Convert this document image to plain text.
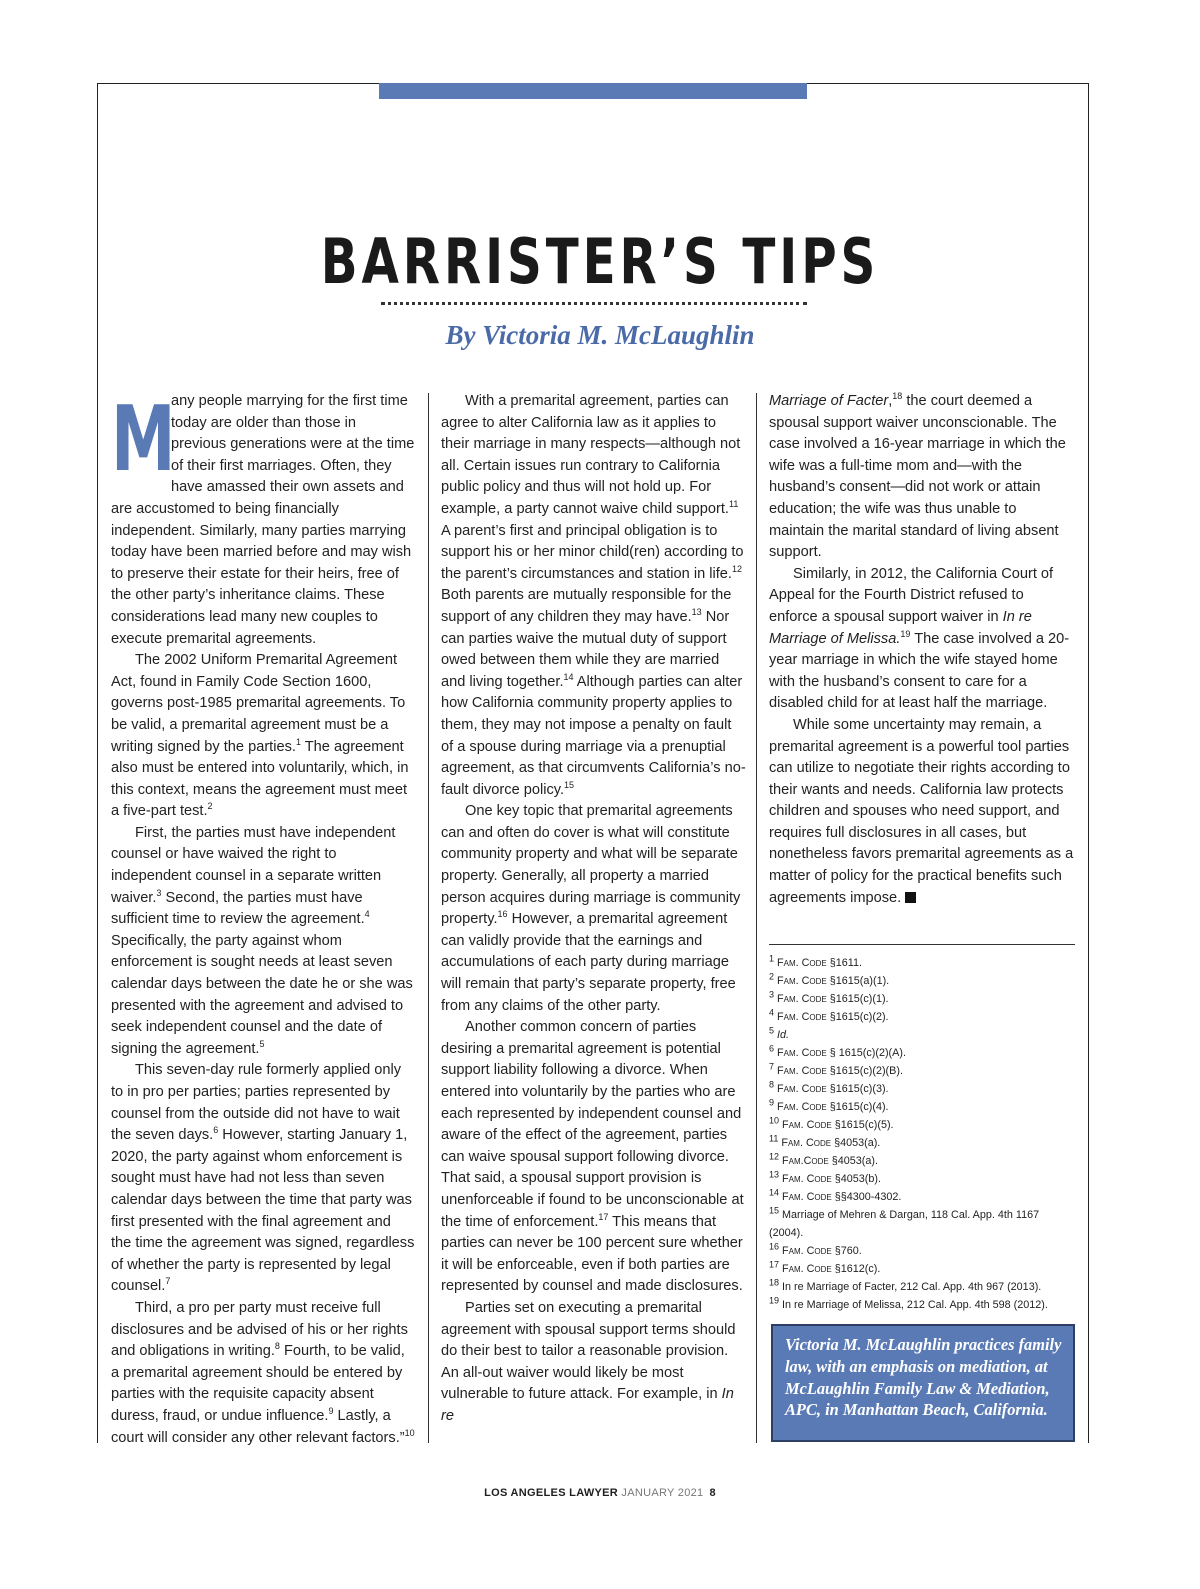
BARRISTER’S TIPS
By Victoria M. McLaughlin

M
any people marrying for the first time today are older than those in previous generations were at the time of their first marriages. Often, they have amassed their own assets and are accustomed to being financially independent. Similarly, many parties marrying today have been married before and may wish to preserve their estate for their heirs, free of the other party’s inheritance claims. These considerations lead many new couples to execute premarital agreements.

The 2002 Uniform Premarital Agreement Act, found in Family Code Section 1600, governs post-1985 premarital agreements. To be valid, a premarital agreement must be a writing signed by the parties.$^1$ The agreement also must be entered into voluntarily, which, in this context, means the agreement must meet a five-part test.$^2$

First, the parties must have independent counsel or have waived the right to independent counsel in a separate written waiver.$^3$ Second, the parties must have sufficient time to review the agreement.$^4$ Specifically, the party against whom enforcement is sought needs at least seven calendar days between the date he or she was presented with the agreement and advised to seek independent counsel and the date of signing the agreement.$^5$

This seven-day rule formerly applied only to in pro per parties; parties represented by counsel from the outside did not have to wait the seven days.$^6$ However, starting January 1, 2020, the party against whom enforcement is sought must have had not less than seven calendar days between the time that party was first presented with the final agreement and the time the agreement was signed, regardless of whether the party is represented by legal counsel.$^7$

Third, a pro per party must receive full disclosures and be advised of his or her rights and obligations in writing.$^8$ Fourth, to be valid, a premarital agreement should be entered by parties with the requisite capacity absent duress, fraud, or undue influence.$^9$ Lastly, a court will consider any other relevant factors.”$^{10}$

With a premarital agreement, parties can agree to alter California law as it applies to their marriage in many respects—although not all. Certain issues run contrary to California public policy and thus will not hold up. For example, a party cannot waive child support.$^{11}$ A parent’s first and principal obligation is to support his or her minor child(ren) according to the parent’s circumstances and station in life.$^{12}$ Both parents are mutually responsible for the support of any children they may have.$^{13}$ Nor can parties waive the mutual duty of support owed between them while they are married and living together.$^{14}$ Although parties can alter how California community property applies to them, they may not impose a penalty on fault of a spouse during marriage via a prenuptial agreement, as that circumvents California’s no-fault divorce policy.$^{15}$

One key topic that premarital agreements can and often do cover is what will constitute community property and what will be separate property. Generally, all property a married person acquires during marriage is community property.$^{16}$ However, a premarital agreement can validly provide that the earnings and accumulations of each party during marriage will remain that party’s separate property, free from any claims of the other party.

Another common concern of parties desiring a premarital agreement is potential support liability following a divorce. When entered into voluntarily by the parties who are each represented by independent counsel and aware of the effect of the agreement, parties can waive spousal support following divorce. That said, a spousal support provision is unenforceable if found to be unconscionable at the time of enforcement.$^{17}$ This means that parties can never be 100 percent sure whether it will be enforceable, even if both parties are represented by counsel and made disclosures.

Parties set on executing a premarital agreement with spousal support terms should do their best to tailor a reasonable provision. An all-out waiver would likely be most vulnerable to future attack. For example, in In re

Marriage of Facter,$^{18}$ the court deemed a spousal support waiver unconscionable. The case involved a 16-year marriage in which the wife was a full-time mom and—with the husband’s consent—did not work or attain education; the wife was thus unable to maintain the marital standard of living absent support.

Similarly, in 2012, the California Court of Appeal for the Fourth District refused to enforce a spousal support waiver in In re Marriage of Melissa.$^{19}$ The case involved a 20-year marriage in which the wife stayed home with the husband’s consent to care for a disabled child for at least half the marriage.

While some uncertainty may remain, a premarital agreement is a powerful tool parties can utilize to negotiate their rights according to their wants and needs. California law protects children and spouses who need support, and requires full disclosures in all cases, but nonetheless favors premarital agreements as a matter of policy for the practical benefits such agreements impose.

$^1$ Fam. Code §1611.
$^2$ Fam. Code §1615(a)(1).
$^3$ Fam. Code §1615(c)(1).
$^4$ Fam. Code §1615(c)(2).
$^5$ Id.
$^6$ Fam. Code § 1615(c)(2)(A).
$^7$ Fam. Code §1615(c)(2)(B).
$^8$ Fam. Code §1615(c)(3).
$^9$ Fam. Code §1615(c)(4).
$^{10}$ Fam. Code §1615(c)(5).
$^{11}$ Fam. Code §4053(a).
$^{12}$ Fam.Code §4053(a).
$^{13}$ Fam. Code §4053(b).
$^{14}$ Fam. Code §§4300-4302.
$^{15}$ Marriage of Mehren & Dargan, 118 Cal. App. 4th 1167
(2004).
$^{16}$ Fam. Code §760.
$^{17}$ Fam. Code §1612(c).
$^{18}$ In re Marriage of Facter, 212 Cal. App. 4th 967 (2013).
$^{19}$ In re Marriage of Melissa, 212 Cal. App. 4th 598 (2012).
Victoria M. McLaughlin practices family law, with an emphasis on mediation, at McLaughlin Family Law & Mediation, APC, in Manhattan Beach, California.
LOS ANGELES LAWYER JANUARY 2021 8
